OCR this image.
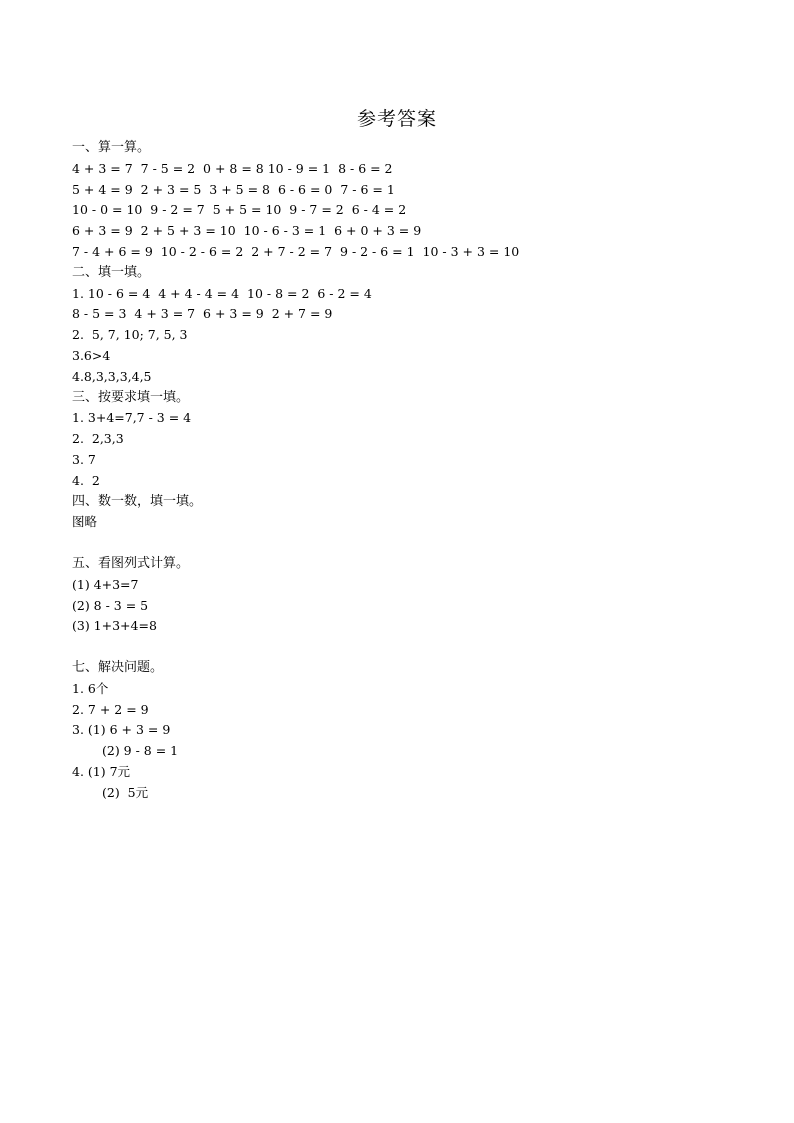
参考答案
一、算一算。
4 + 3 = 7  7 - 5 = 2  0 + 8 = 8 10 - 9 = 1  8 - 6 = 2
5 + 4 = 9  2 + 3 = 5  3 + 5 = 8  6 - 6 = 0  7 - 6 = 1
10 - 0 = 10  9 - 2 = 7  5 + 5 = 10  9 - 7 = 2  6 - 4 = 2
6 + 3 = 9  2 + 5 + 3 = 10  10 - 6 - 3 = 1  6 + 0 + 3 = 9
7 - 4 + 6 = 9  10 - 2 - 6 = 2  2 + 7 - 2 = 7  9 - 2 - 6 = 1  10 - 3 + 3 = 10
二、填一填。
1. 10 - 6 = 4  4 + 4 - 4 = 4  10 - 8 = 2  6 - 2 = 4
8 - 5 = 3  4 + 3 = 7  6 + 3 = 9  2 + 7 = 9
2.  5, 7, 10; 7, 5, 3
3.6>4
4.8,3,3,3,4,5
三、按要求填一填。
1. 3+4=7,7 - 3 = 4
2.  2,3,3
3. 7
4.  2
四、数一数，填一填。
图略
五、看图列式计算。
(1) 4+3=7
(2) 8 - 3 = 5
(3) 1+3+4=8
七、解决问题。
1. 6个
2. 7 + 2 = 9
3. (1) 6 + 3 = 9
(2) 9 - 8 = 1
4. (1) 7元
(2)  5元
